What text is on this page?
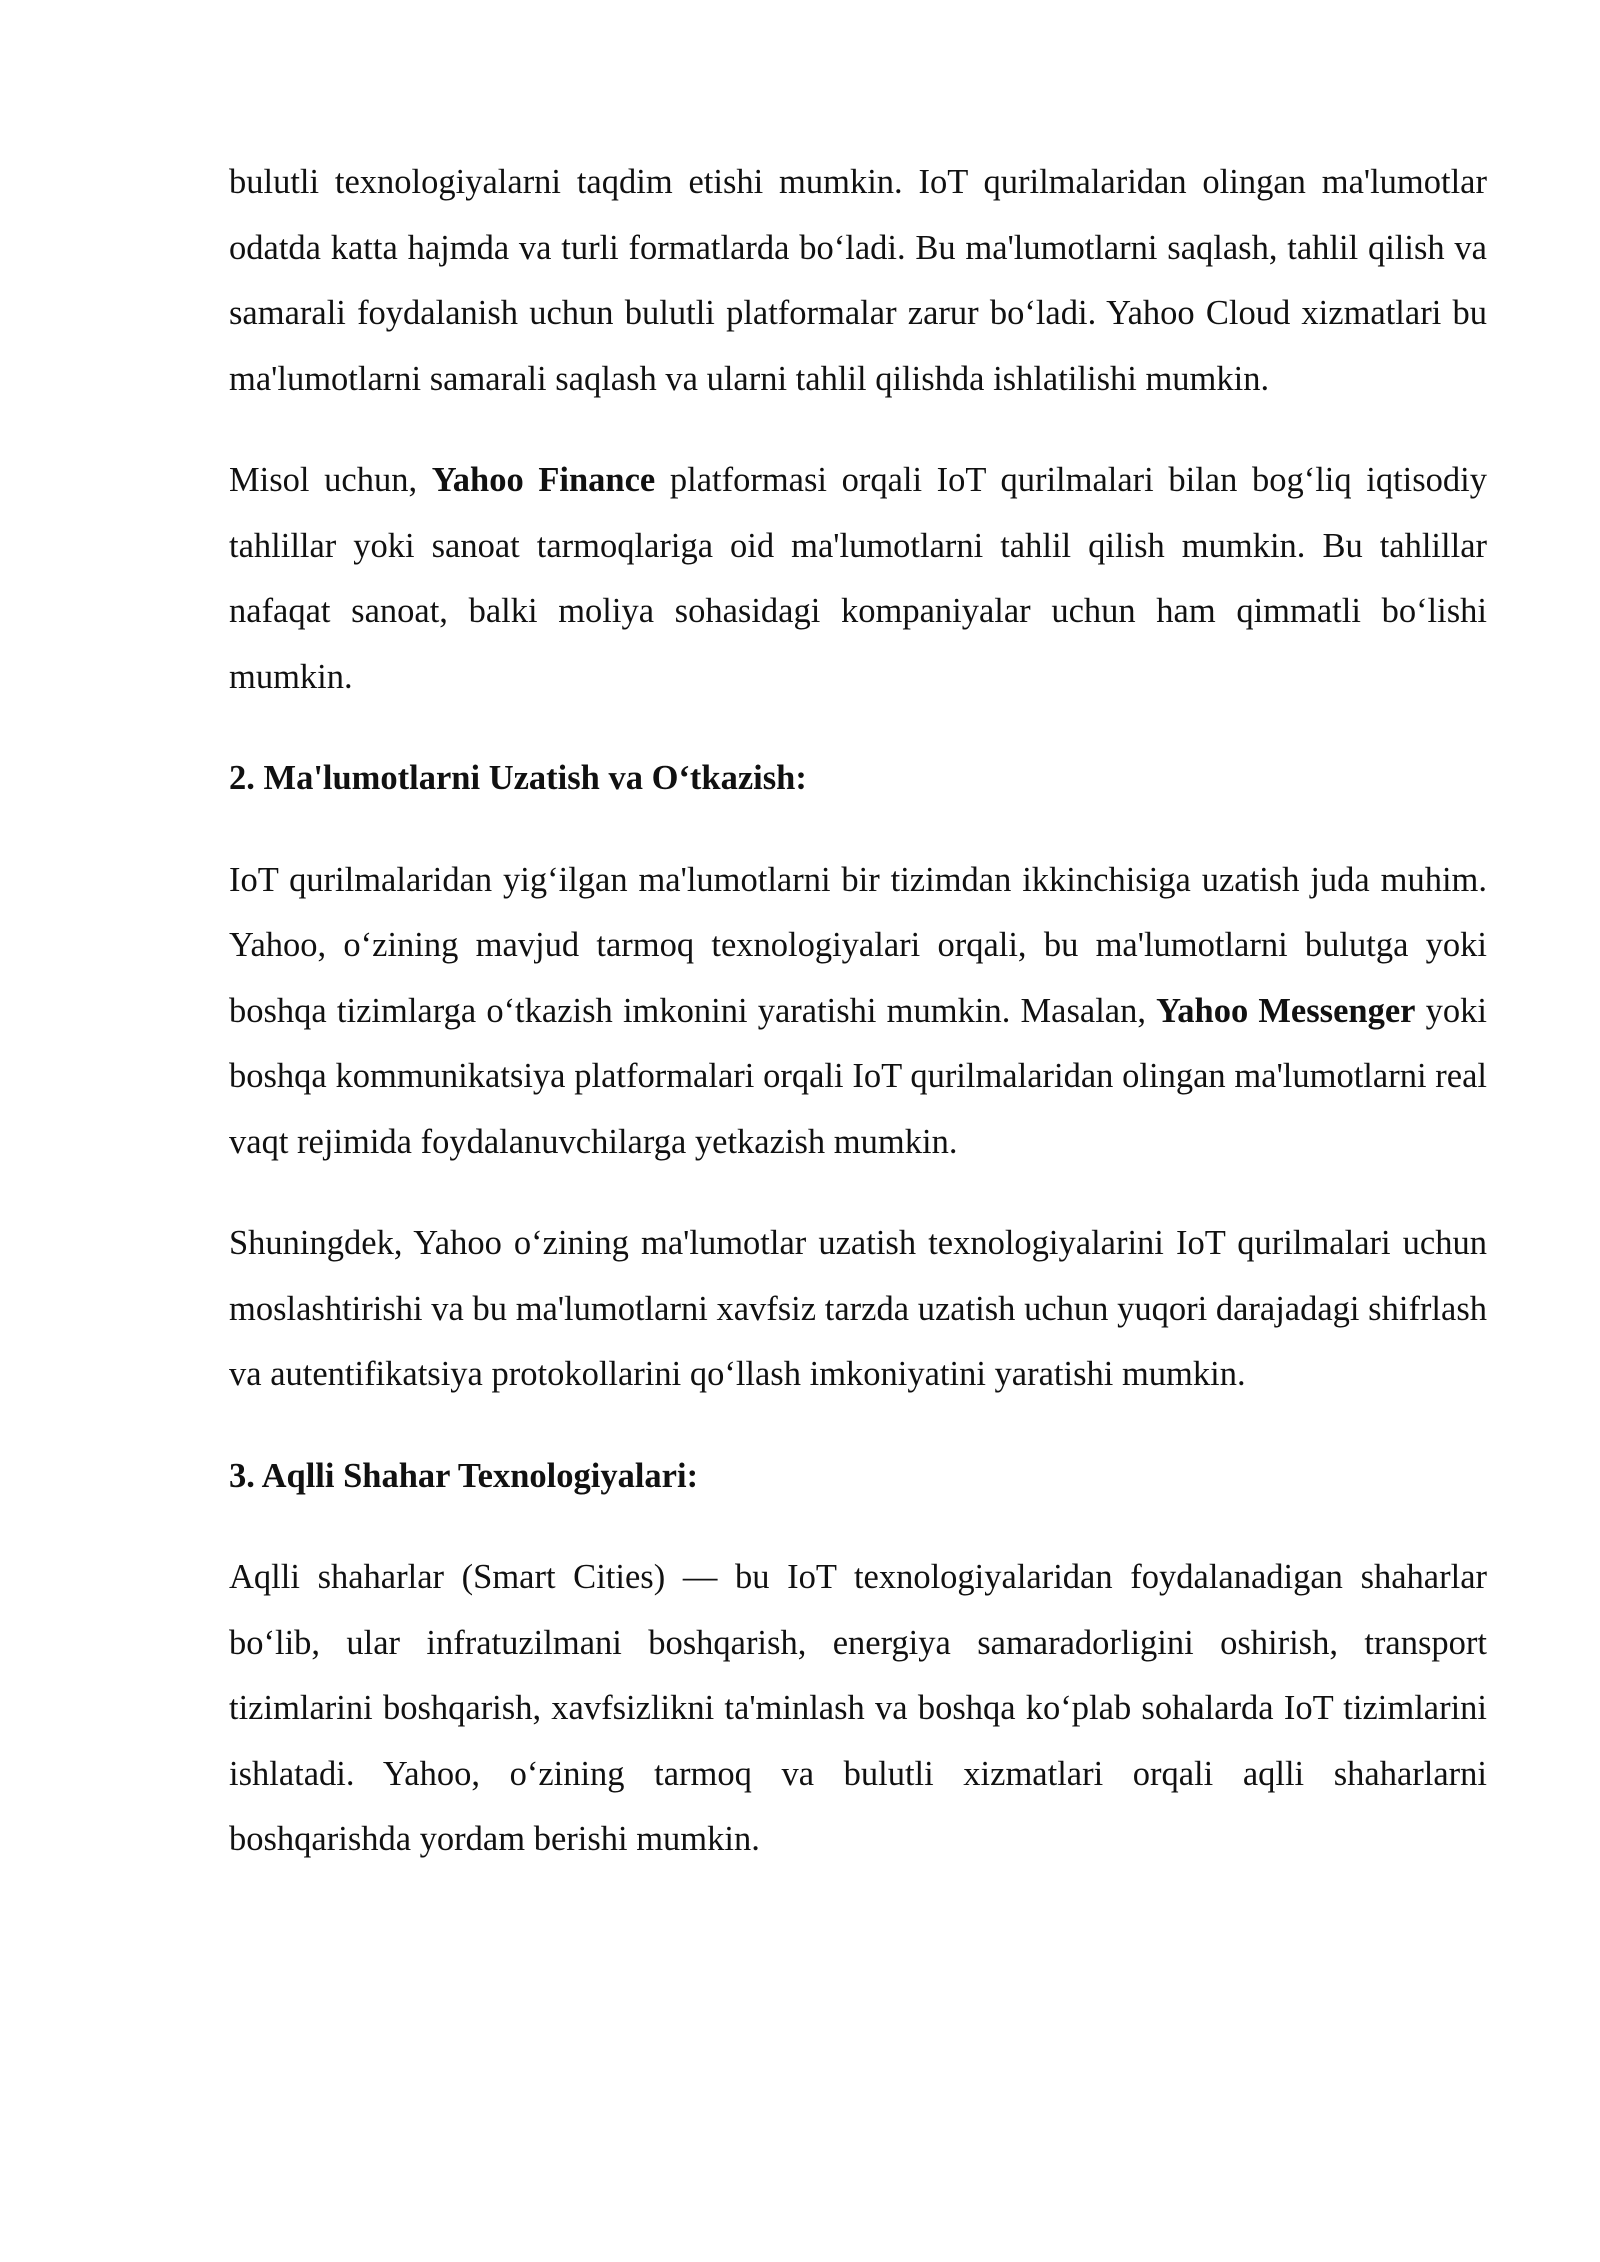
bulutli texnologiyalarni taqdim etishi mumkin. IoT qurilmalaridan olingan ma'lumotlar odatda katta hajmda va turli formatlarda bo‘ladi. Bu ma'lumotlarni saqlash, tahlil qilish va samarali foydalanish uchun bulutli platformalar zarur bo‘ladi. Yahoo Cloud xizmatlari bu ma'lumotlarni samarali saqlash va ularni tahlil qilishda ishlatilishi mumkin.

Misol uchun, Yahoo Finance platformasi orqali IoT qurilmalari bilan bog‘liq iqtisodiy tahlillar yoki sanoat tarmoqlariga oid ma'lumotlarni tahlil qilish mumkin. Bu tahlillar nafaqat sanoat, balki moliya sohasidagi kompaniyalar uchun ham qimmatli bo‘lishi mumkin.

2. Ma'lumotlarni Uzatish va O‘tkazish:

IoT qurilmalaridan yig‘ilgan ma'lumotlarni bir tizimdan ikkinchisiga uzatish juda muhim. Yahoo, o‘zining mavjud tarmoq texnologiyalari orqali, bu ma'lumotlarni bulutga yoki boshqa tizimlarga o‘tkazish imkonini yaratishi mumkin. Masalan, Yahoo Messenger yoki boshqa kommunikatsiya platformalari orqali IoT qurilmalaridan olingan ma'lumotlarni real vaqt rejimida foydalanuvchilarga yetkazish mumkin.

Shuningdek, Yahoo o‘zining ma'lumotlar uzatish texnologiyalarini IoT qurilmalari uchun moslashtirishi va bu ma'lumotlarni xavfsiz tarzda uzatish uchun yuqori darajadagi shifrlash va autentifikatsiya protokollarini qo‘llash imkoniyatini yaratishi mumkin.

3. Aqlli Shahar Texnologiyalari:

Aqlli shaharlar (Smart Cities) — bu IoT texnologiyalaridan foydalanadigan shaharlar bo‘lib, ular infratuzilmani boshqarish, energiya samaradorligini oshirish, transport tizimlarini boshqarish, xavfsizlikni ta'minlash va boshqa ko‘plab sohalarda IoT tizimlarini ishlatadi. Yahoo, o‘zining tarmoq va bulutli xizmatlari orqali aqlli shaharlarni boshqarishda yordam berishi mumkin.
